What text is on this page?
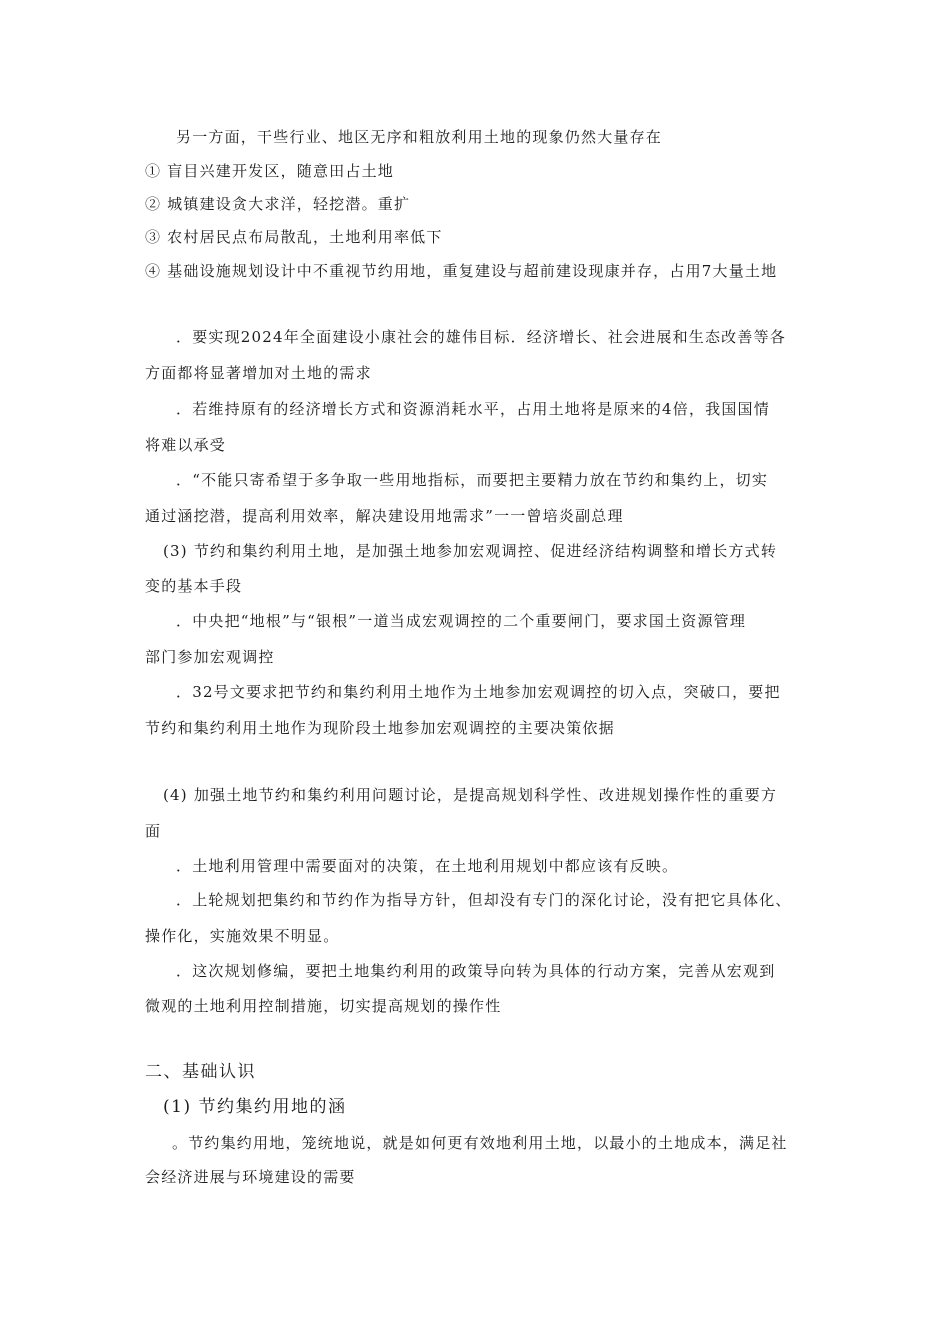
另一方面，干些行业、地区无序和粗放利用土地的现象仍然大量存在
① 盲目兴建开发区，随意田占土地
② 城镇建设贪大求洋，轻挖潜。重扩
③ 农村居民点布局散乱，土地利用率低下
④ 基础设施规划设计中不重视节约用地，重复建设与超前建设现康并存，占用7大量土地
．要实现2024年全面建设小康社会的雄伟目标．经济增长、社会进展和生态改善等各
方面都将显著增加对土地的需求
．若维持原有的经济增长方式和资源消耗水平，占用土地将是原来的4倍，我国国情
将难以承受
．“不能只寄希望于多争取一些用地指标，而要把主要精力放在节约和集约上，切实
通过涵挖潜，提高利用效率，解决建设用地需求”一一曾培炎副总理
(3) 节约和集约利用土地，是加强土地参加宏观调控、促进经济结构调整和增长方式转
变的基本手段
．中央把“地根”与“银根”一道当成宏观调控的二个重要闸门，要求国土资源管理
部门参加宏观调控
．32号文要求把节约和集约利用土地作为土地参加宏观调控的切入点，突破口，要把
节约和集约利用土地作为现阶段土地参加宏观调控的主要决策依据
(4) 加强土地节约和集约利用问题讨论，是提高规划科学性、改进规划操作性的重要方
面
．土地利用管理中需要面对的决策，在土地利用规划中都应该有反映。
．上轮规划把集约和节约作为指导方针，但却没有专门的深化讨论，没有把它具体化、
操作化，实施效果不明显。
．这次规划修编，要把土地集约利用的政策导向转为具体的行动方案，完善从宏观到
微观的土地利用控制措施，切实提高规划的操作性
二、基础认识
(1) 节约集约用地的涵
。节约集约用地，笼统地说，就是如何更有效地利用土地，以最小的土地成本，满足社
会经济进展与环境建设的需要
